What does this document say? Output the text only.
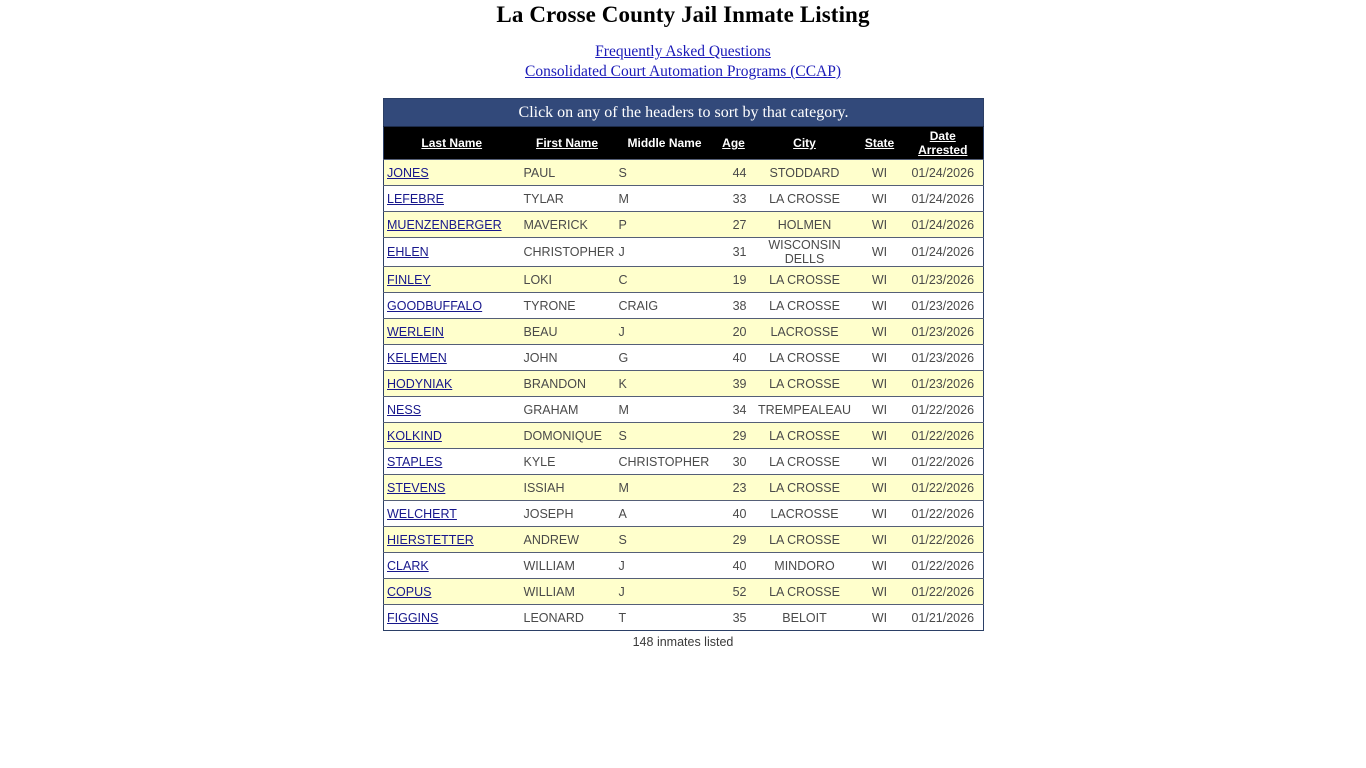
La Crosse County Jail Inmate Listing
Frequently Asked Questions
Consolidated Court Automation Programs (CCAP)
Click on any of the headers to sort by that category.						
Last Name	First Name	Middle Name	Age	City	State	Date
Arrested
JONES	PAUL	S	44	STODDARD	WI	01/24/2026
LEFEBRE	TYLAR	M	33	LA CROSSE	WI	01/24/2026
MUENZENBERGER	MAVERICK	P	27	HOLMEN	WI	01/24/2026
EHLEN	CHRISTOPHER	J	31	WISCONSIN DELLS	WI	01/24/2026
FINLEY	LOKI	C	19	LA CROSSE	WI	01/23/2026
GOODBUFFALO	TYRONE	CRAIG	38	LA CROSSE	WI	01/23/2026
WERLEIN	BEAU	J	20	LACROSSE	WI	01/23/2026
KELEMEN	JOHN	G	40	LA CROSSE	WI	01/23/2026
HODYNIAK	BRANDON	K	39	LA CROSSE	WI	01/23/2026
NESS	GRAHAM	M	34	TREMPEALEAU	WI	01/22/2026
KOLKIND	DOMONIQUE	S	29	LA CROSSE	WI	01/22/2026
STAPLES	KYLE	CHRISTOPHER	30	LA CROSSE	WI	01/22/2026
STEVENS	ISSIAH	M	23	LA CROSSE	WI	01/22/2026
WELCHERT	JOSEPH	A	40	LACROSSE	WI	01/22/2026
HIERSTETTER	ANDREW	S	29	LA CROSSE	WI	01/22/2026
CLARK	WILLIAM	J	40	MINDORO	WI	01/22/2026
COPUS	WILLIAM	J	52	LA CROSSE	WI	01/22/2026
FIGGINS	LEONARD	T	35	BELOIT	WI	01/21/2026
148 inmates listed
